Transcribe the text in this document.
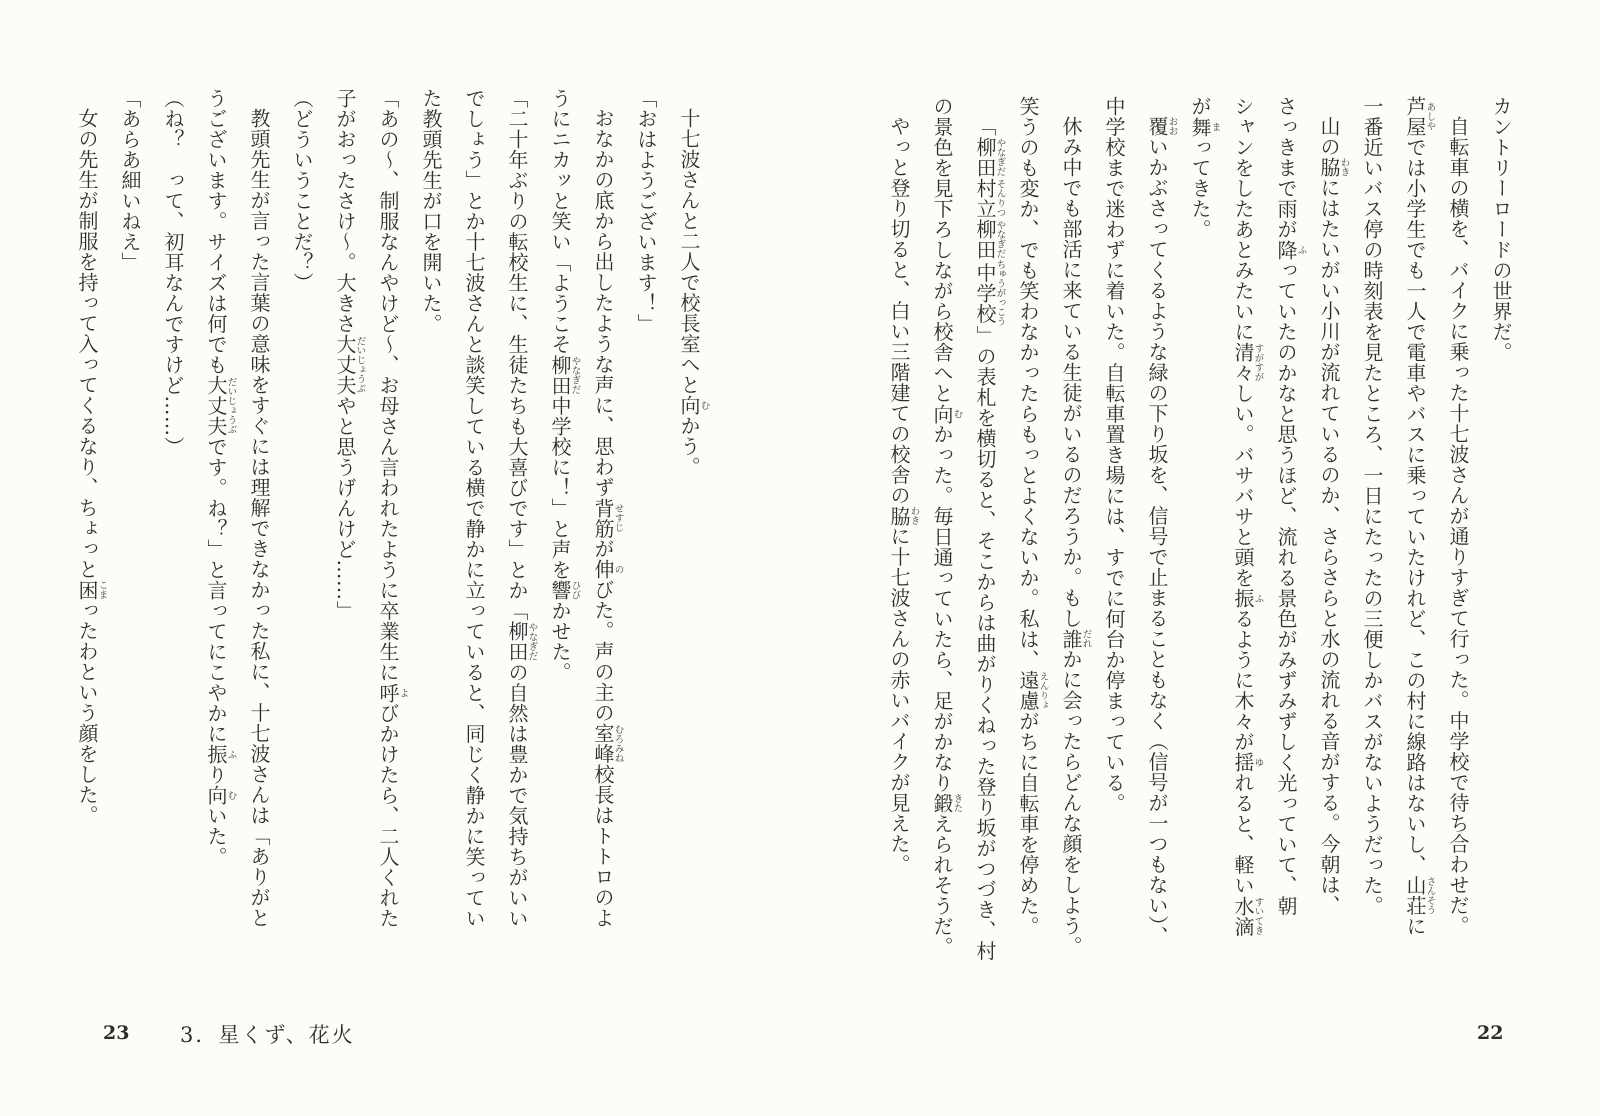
カントリーロードの世界だ。
自転車の横を、バイクに乗った十七波さんが通りすぎて行った。中学校で待ち合わせだ。
芦屋あしやでは小学生でも一人で電車やバスに乗っていたけれど、この村に線路はないし、山荘さんそうに
一番近いバス停の時刻表を見たところ、一日にたったの三便しかバスがないようだった。
山の脇わきにはたいがい小川が流れているのか、さらさらと水の流れる音がする。今朝は、
さっきまで雨が降ふっていたのかなと思うほど、流れる景色がみずみずしく光っていて、朝
シャンをしたあとみたいに清々すがすがしい。バサバサと頭を振ふるように木々が揺ゆれると、軽い水滴すいてき
が舞まってきた。
覆おおいかぶさってくるような緑の下り坂を、信号で止まることもなく（信号が一つもない）、
中学校まで迷わずに着いた。自転車置き場には、すでに何台か停まっている。
休み中でも部活に来ている生徒がいるのだろうか。もし誰だれかに会ったらどんな顔をしよう。
笑うのも変か、でも笑わなかったらもっとよくないか。私は、遠慮えんりょがちに自転車を停めた。
「柳田やなぎだ村立そんりつ柳田やなぎだ中学校ちゅうがっこう」の表札を横切ると、そこからは曲がりくねった登り坂がつづき、村
の景色を見下ろしながら校舎へと向むかった。毎日通っていたら、足がかなり鍛きたえられそうだ。
やっと登り切ると、白い三階建ての校舎の脇わきに十七波さんの赤いバイクが見えた。
十七波さんと二人で校長室へと向むかう。
「おはようございます！」
おなかの底から出したような声に、思わず背筋せすじが伸のびた。声の主の室峰むろみね校長はトトロのよ
うにニカッと笑い「ようこそ柳田やなぎだ中学校に！」と声を響ひびかせた。
「二十年ぶりの転校生に、生徒たちも大喜びです」とか「柳田やなぎだの自然は豊かで気持ちがいい
でしょう」とか十七波さんと談笑している横で静かに立っていると、同じく静かに笑ってい
た教頭先生が口を開いた。
「あの〜、制服なんやけど〜、お母さん言われたように卒業生に呼よびかけたら、二人くれた
子がおったさけ〜。大きさ大丈夫だいじょうぶやと思うげんけど……」
（どういうことだ？）
教頭先生が言った言葉の意味をすぐには理解できなかった私に、十七波さんは「ありがと
うございます。サイズは何でも大丈夫だいじょうぶです。ね？」と言ってにこやかに振ふり向むいた。
（ね？　って、初耳なんですけど……）
「あらあ細いねえ」
女の先生が制服を持って入ってくるなり、ちょっと困こまったわという顔をした。
22
23 3．星くず、花火
